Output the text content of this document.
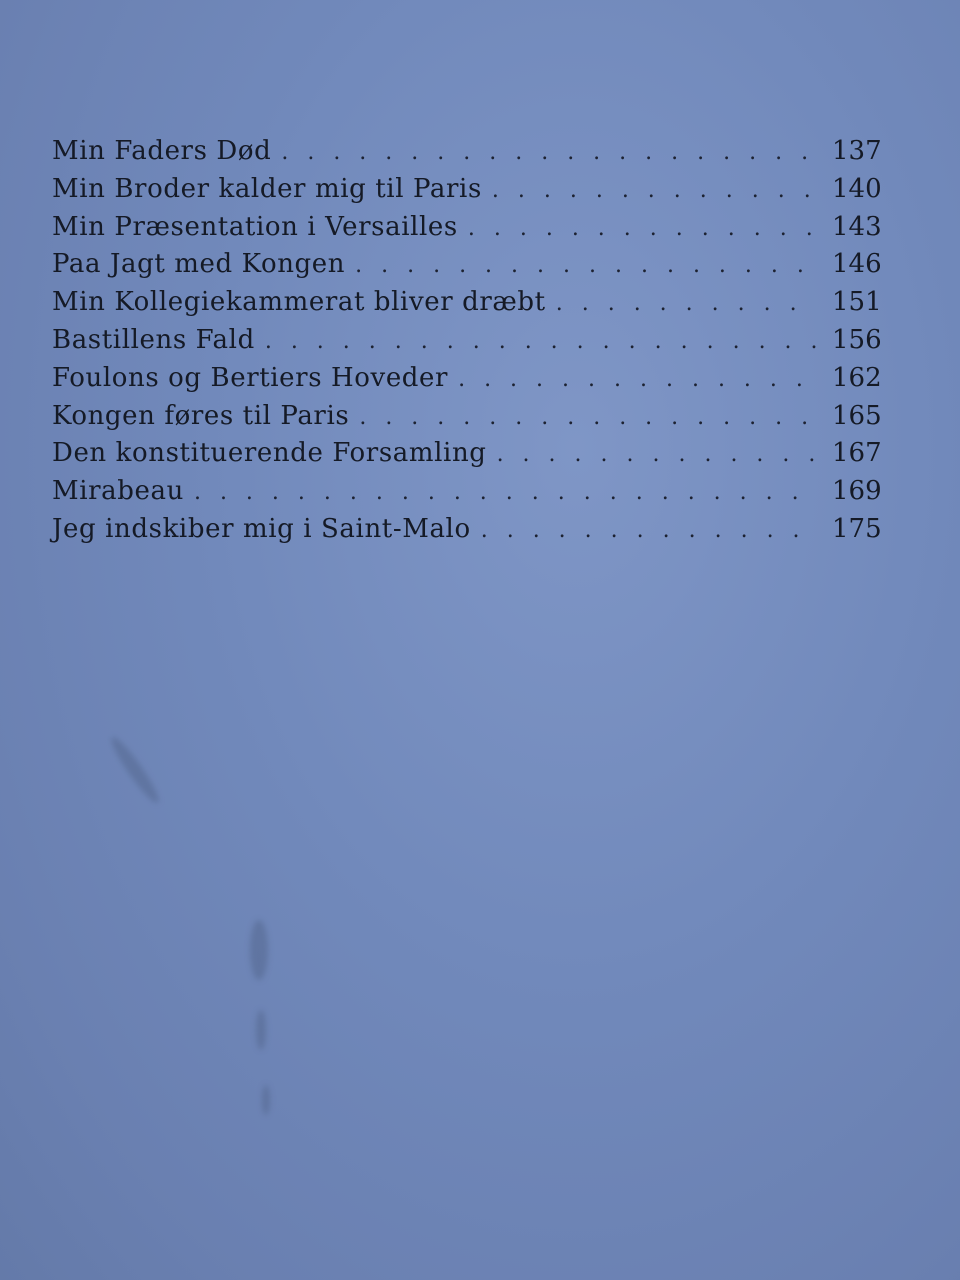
Min Faders Død . . .	137
Min Broder kalder mig til Paris . . .	140
Min Præsentation i Versailles . . .	143
Paa Jagt med Kongen . . .	146
Min Kollegiekammerat bliver dræbt . . .	151
Bastillens Fald . . .	156
Foulons og Bertiers Hoveder . . .	162
Kongen føres til Paris . . .	165
Den konstituerende Forsamling . . .	167
Mirabeau . . .	169
Jeg indskiber mig i Saint-Malo . . .	175
